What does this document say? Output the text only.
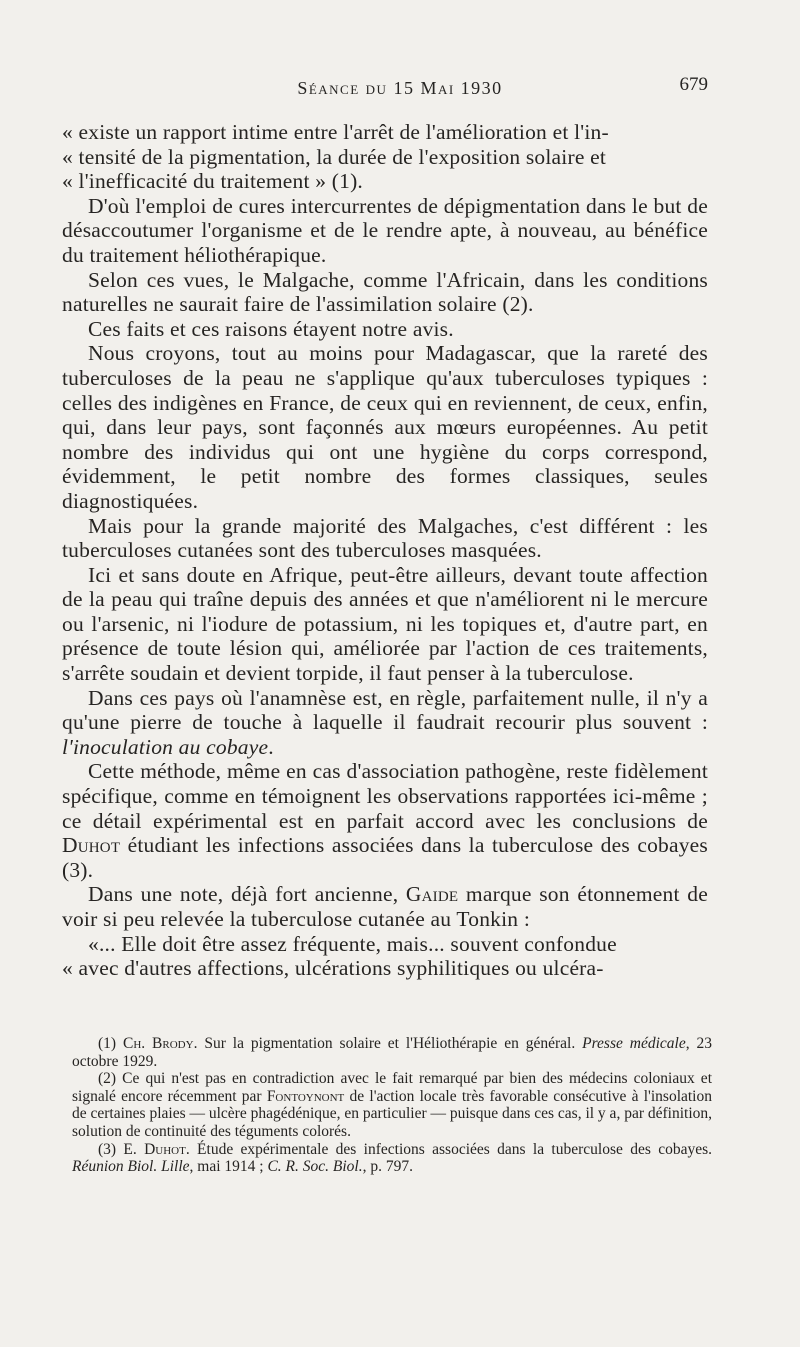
Séance du 15 Mai 1930	679

« existe un rapport intime entre l'arrêt de l'amélioration et l'in-
« tensité de la pigmentation, la durée de l'exposition solaire et
« l'inefficacité du traitement » (1).

D'où l'emploi de cures intercurrentes de dépigmentation dans le but de désaccoutumer l'organisme et de le rendre apte, à nouveau, au bénéfice du traitement héliothérapique.

Selon ces vues, le Malgache, comme l'Africain, dans les conditions naturelles ne saurait faire de l'assimilation solaire (2).

Ces faits et ces raisons étayent notre avis.

Nous croyons, tout au moins pour Madagascar, que la rareté des tuberculoses de la peau ne s'applique qu'aux tuberculoses typiques : celles des indigènes en France, de ceux qui en reviennent, de ceux, enfin, qui, dans leur pays, sont façonnés aux mœurs européennes. Au petit nombre des individus qui ont une hygiène du corps correspond, évidemment, le petit nombre des formes classiques, seules diagnostiquées.

Mais pour la grande majorité des Malgaches, c'est différent : les tuberculoses cutanées sont des tuberculoses masquées.

Ici et sans doute en Afrique, peut-être ailleurs, devant toute affection de la peau qui traîne depuis des années et que n'améliorent ni le mercure ou l'arsenic, ni l'iodure de potassium, ni les topiques et, d'autre part, en présence de toute lésion qui, améliorée par l'action de ces traitements, s'arrête soudain et devient torpide, il faut penser à la tuberculose.

Dans ces pays où l'anamnèse est, en règle, parfaitement nulle, il n'y a qu'une pierre de touche à laquelle il faudrait recourir plus souvent : l'inoculation au cobaye.

Cette méthode, même en cas d'association pathogène, reste fidèlement spécifique, comme en témoignent les observations rapportées ici-même ; ce détail expérimental est en parfait accord avec les conclusions de Duhot étudiant les infections associées dans la tuberculose des cobayes (3).

Dans une note, déjà fort ancienne, Gaide marque son étonnement de voir si peu relevée la tuberculose cutanée au Tonkin :

«... Elle doit être assez fréquente, mais... souvent confondue
« avec d'autres affections, ulcérations syphilitiques ou ulcéra-

(1) Ch. Brody. Sur la pigmentation solaire et l'Héliothérapie en général. Presse médicale, 23 octobre 1929.

(2) Ce qui n'est pas en contradiction avec le fait remarqué par bien des médecins coloniaux et signalé encore récemment par Fontoynont de l'action locale très favorable consécutive à l'insolation de certaines plaies — ulcère phagédénique, en particulier — puisque dans ces cas, il y a, par définition, solution de continuité des téguments colorés.

(3) E. Duhot. Étude expérimentale des infections associées dans la tuberculose des cobayes. Réunion Biol. Lille, mai 1914 ; C. R. Soc. Biol., p. 797.
